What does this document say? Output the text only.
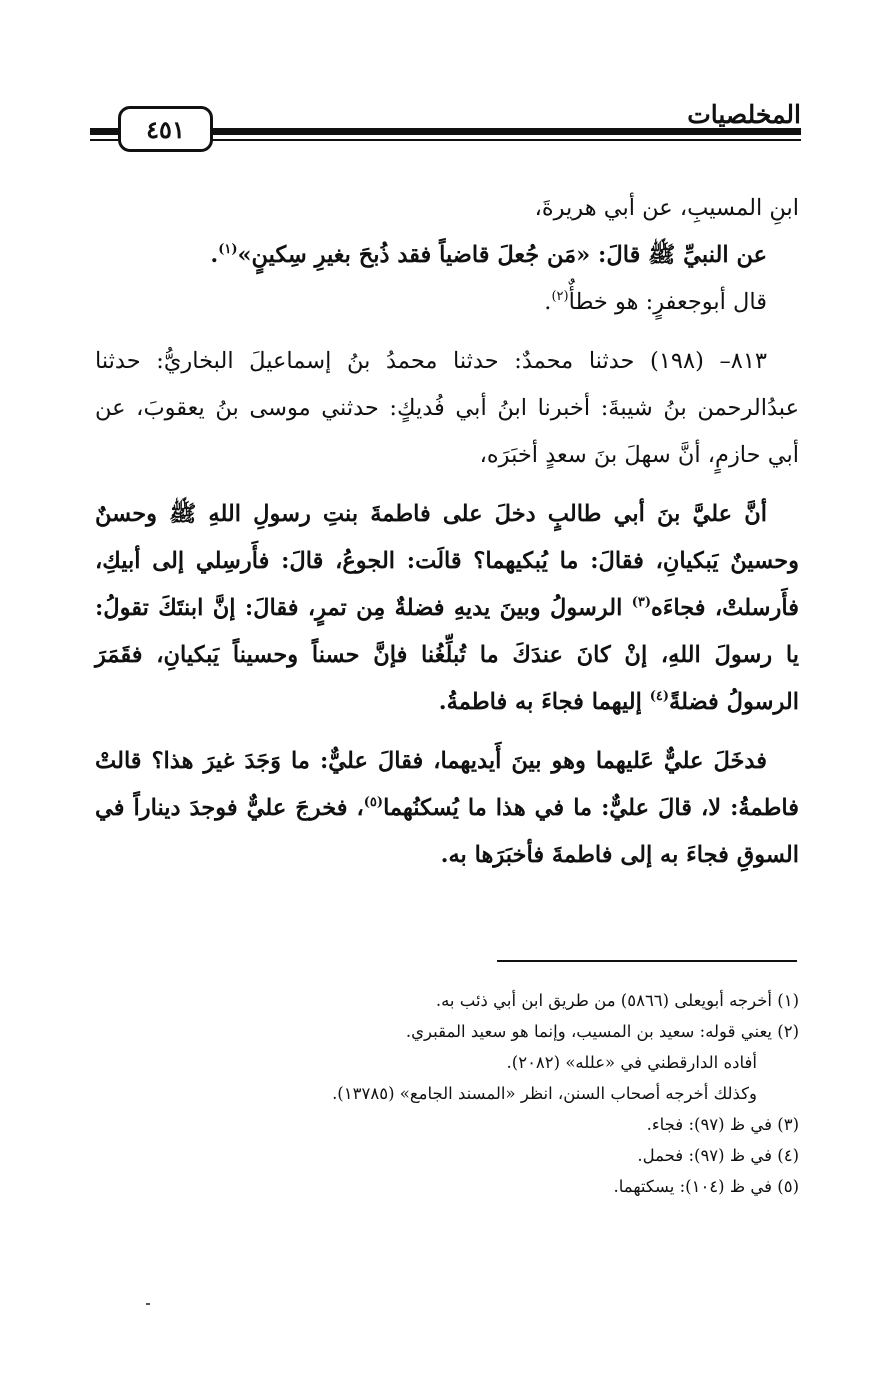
المخلصيات
٤٥١

ابنِ المسيبِ، عن أبي هريرةَ،

عن النبيِّ ﷺ قالَ: «مَن جُعلَ قاضياً فقد ذُبحَ بغيرِ سِكينٍ»$^{(١)}$.

قال أبوجعفرٍ: هو خطأٌ$^{(٢)}$.

٨١٣– (١٩٨) حدثنا محمدٌ: حدثنا محمدُ بنُ إسماعيلَ البخاريُّ: حدثنا عبدُالرحمن بنُ شيبةَ: أخبرنا ابنُ أبي فُديكٍ: حدثني موسى بنُ يعقوبَ، عن أبي حازمٍ، أنَّ سهلَ بنَ سعدٍ أخبَرَه،

أنَّ عليَّ بنَ أبي طالبٍ دخلَ على فاطمةَ بنتِ رسولِ اللهِ ﷺ وحسنٌ وحسينٌ يَبكيانِ، فقالَ: ما يُبكيهما؟ قالَت: الجوعُ، قالَ: فأَرسِلي إلى أبيكِ، فأَرسلتْ، فجاءَه$^{(٣)}$ الرسولُ وبينَ يديهِ فضلةٌ مِن تمرٍ، فقالَ: إنَّ ابنتَكَ تقولُ: يا رسولَ اللهِ، إنْ كانَ عندَكَ ما تُبلِّغُنا فإنَّ حسناً وحسيناً يَبكيانِ، فقَمَرَ الرسولُ فضلةً$^{(٤)}$ إليهما فجاءَ به فاطمةُ.

فدخَلَ عليٌّ عَليهما وهو بينَ أَيديهما، فقالَ عليٌّ: ما وَجَدَ غيرَ هذا؟ قالتْ فاطمةُ: لا، قالَ عليٌّ: ما في هذا ما يُسكنُهما$^{(٥)}$، فخرجَ عليٌّ فوجدَ ديناراً في السوقِ فجاءَ به إلى فاطمةَ فأخبَرَها به.

(١) أخرجه أبويعلى (٥٨٦٦) من طريق ابن أبي ذئب به.

(٢) يعني قوله: سعيد بن المسيب، وإنما هو سعيد المقبري.

أفاده الدارقطني في «علله» (٢٠٨٢).

وكذلك أخرجه أصحاب السنن، انظر «المسند الجامع» (١٣٧٨٥).

(٣) في ظ (٩٧): فجاء.

(٤) في ظ (٩٧): فحمل.

(٥) في ظ (١٠٤): يسكتهما.
